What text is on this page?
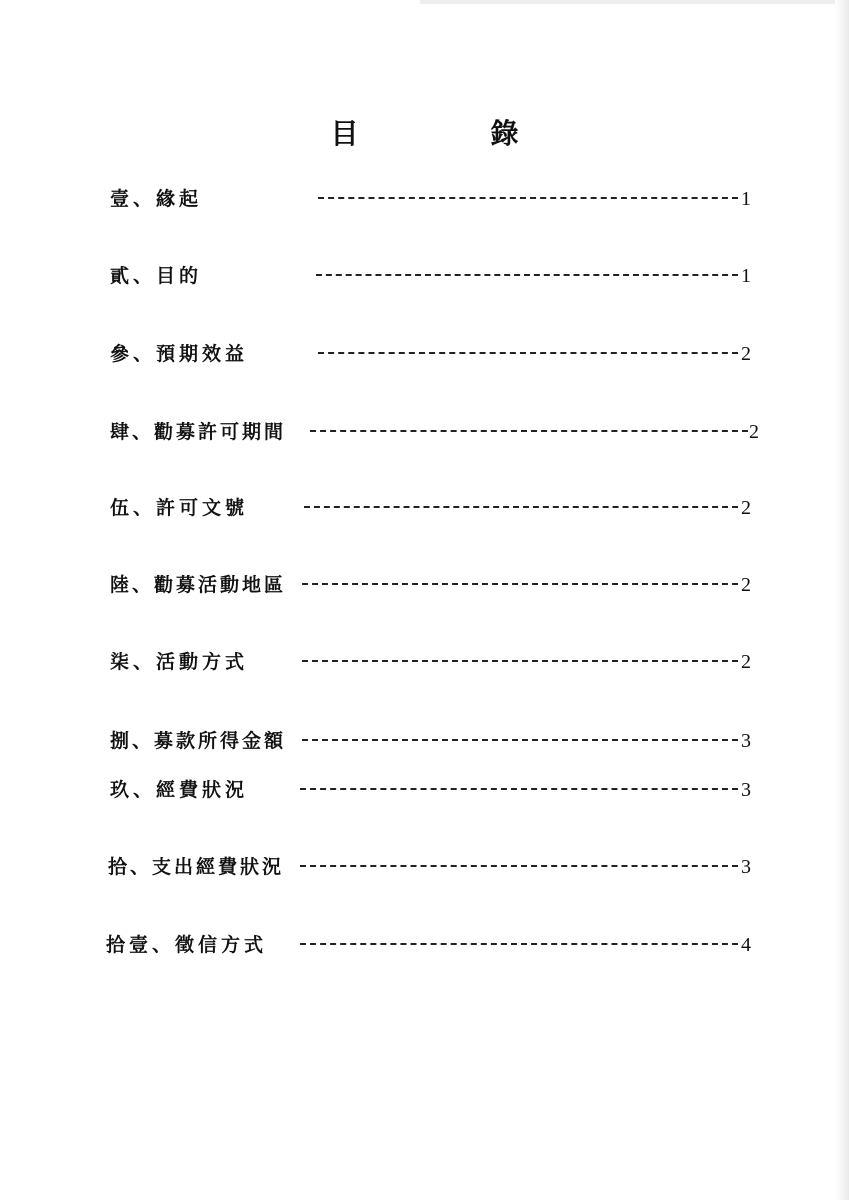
目　錄
壹、緣起	1
貳、目的	1
參、預期效益	2
肆、勸募許可期間	2
伍、許可文號	2
陸、勸募活動地區	2
柒、活動方式	2
捌、募款所得金額	3
玖、經費狀況	3
拾、支出經費狀況	3
拾壹、徵信方式	4
